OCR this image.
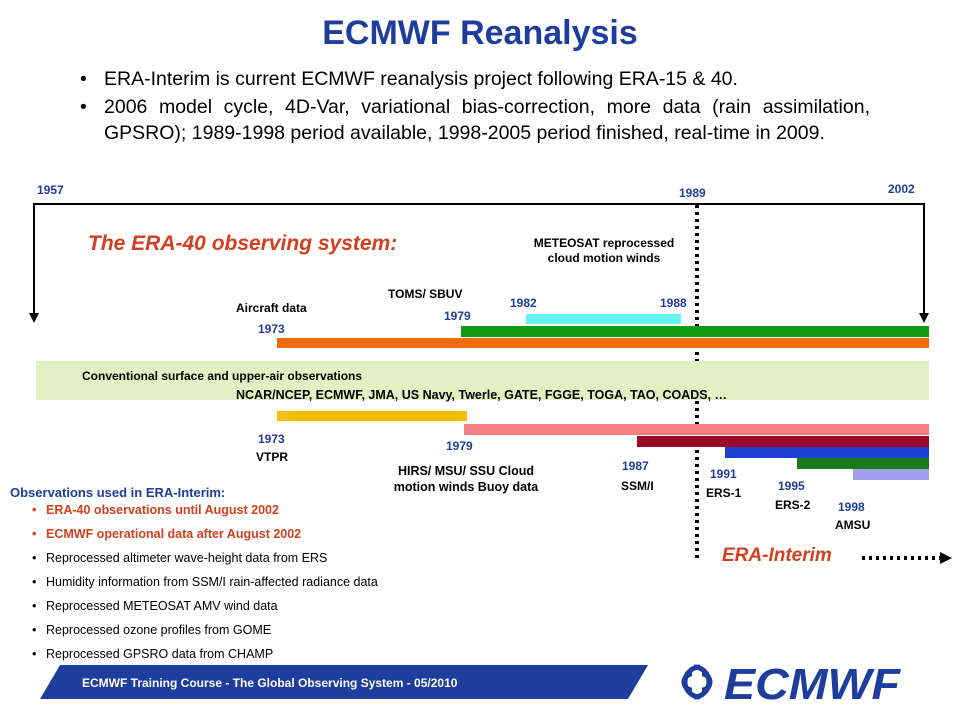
ECMWF Reanalysis
• ERA-Interim is current ECMWF reanalysis project following ERA-15 & 40.
• 2006 model cycle, 4D-Var, variational bias-correction, more data (rain assimilation, GPSRO); 1989-1998 period available, 1998-2005 period finished, real-time in 2009.
1957	2002
1989
The ERA-40 observing system:	METEOSAT reprocessed cloud motion winds
1982	1988
TOMS/ SBUV
1979
Aircraft data
1973
Conventional surface and upper-air observations
NCAR/NCEP, ECMWF, JMA, US Navy, Twerle, GATE, FGGE, TOGA, TAO, COADS, …
1973
VTPR
1979
HIRS/ MSU/ SSU Cloud motion winds Buoy data
1987
SSM/I
1991
ERS-1	1995
ERS-2 1998
AMSU
Observations used in ERA-Interim:
• ERA-40 observations until August 2002
• ECMWF operational data after August 2002
• Reprocessed altimeter wave-height data from ERS
• Humidity information from SSM/I rain-affected radiance data
• Reprocessed METEOSAT AMV wind data
• Reprocessed ozone profiles from GOME
• Reprocessed GPSRO data from CHAMP
ERA-Interim
ECMWF Training Course - The Global Observing System - 05/2010	ECMWF
